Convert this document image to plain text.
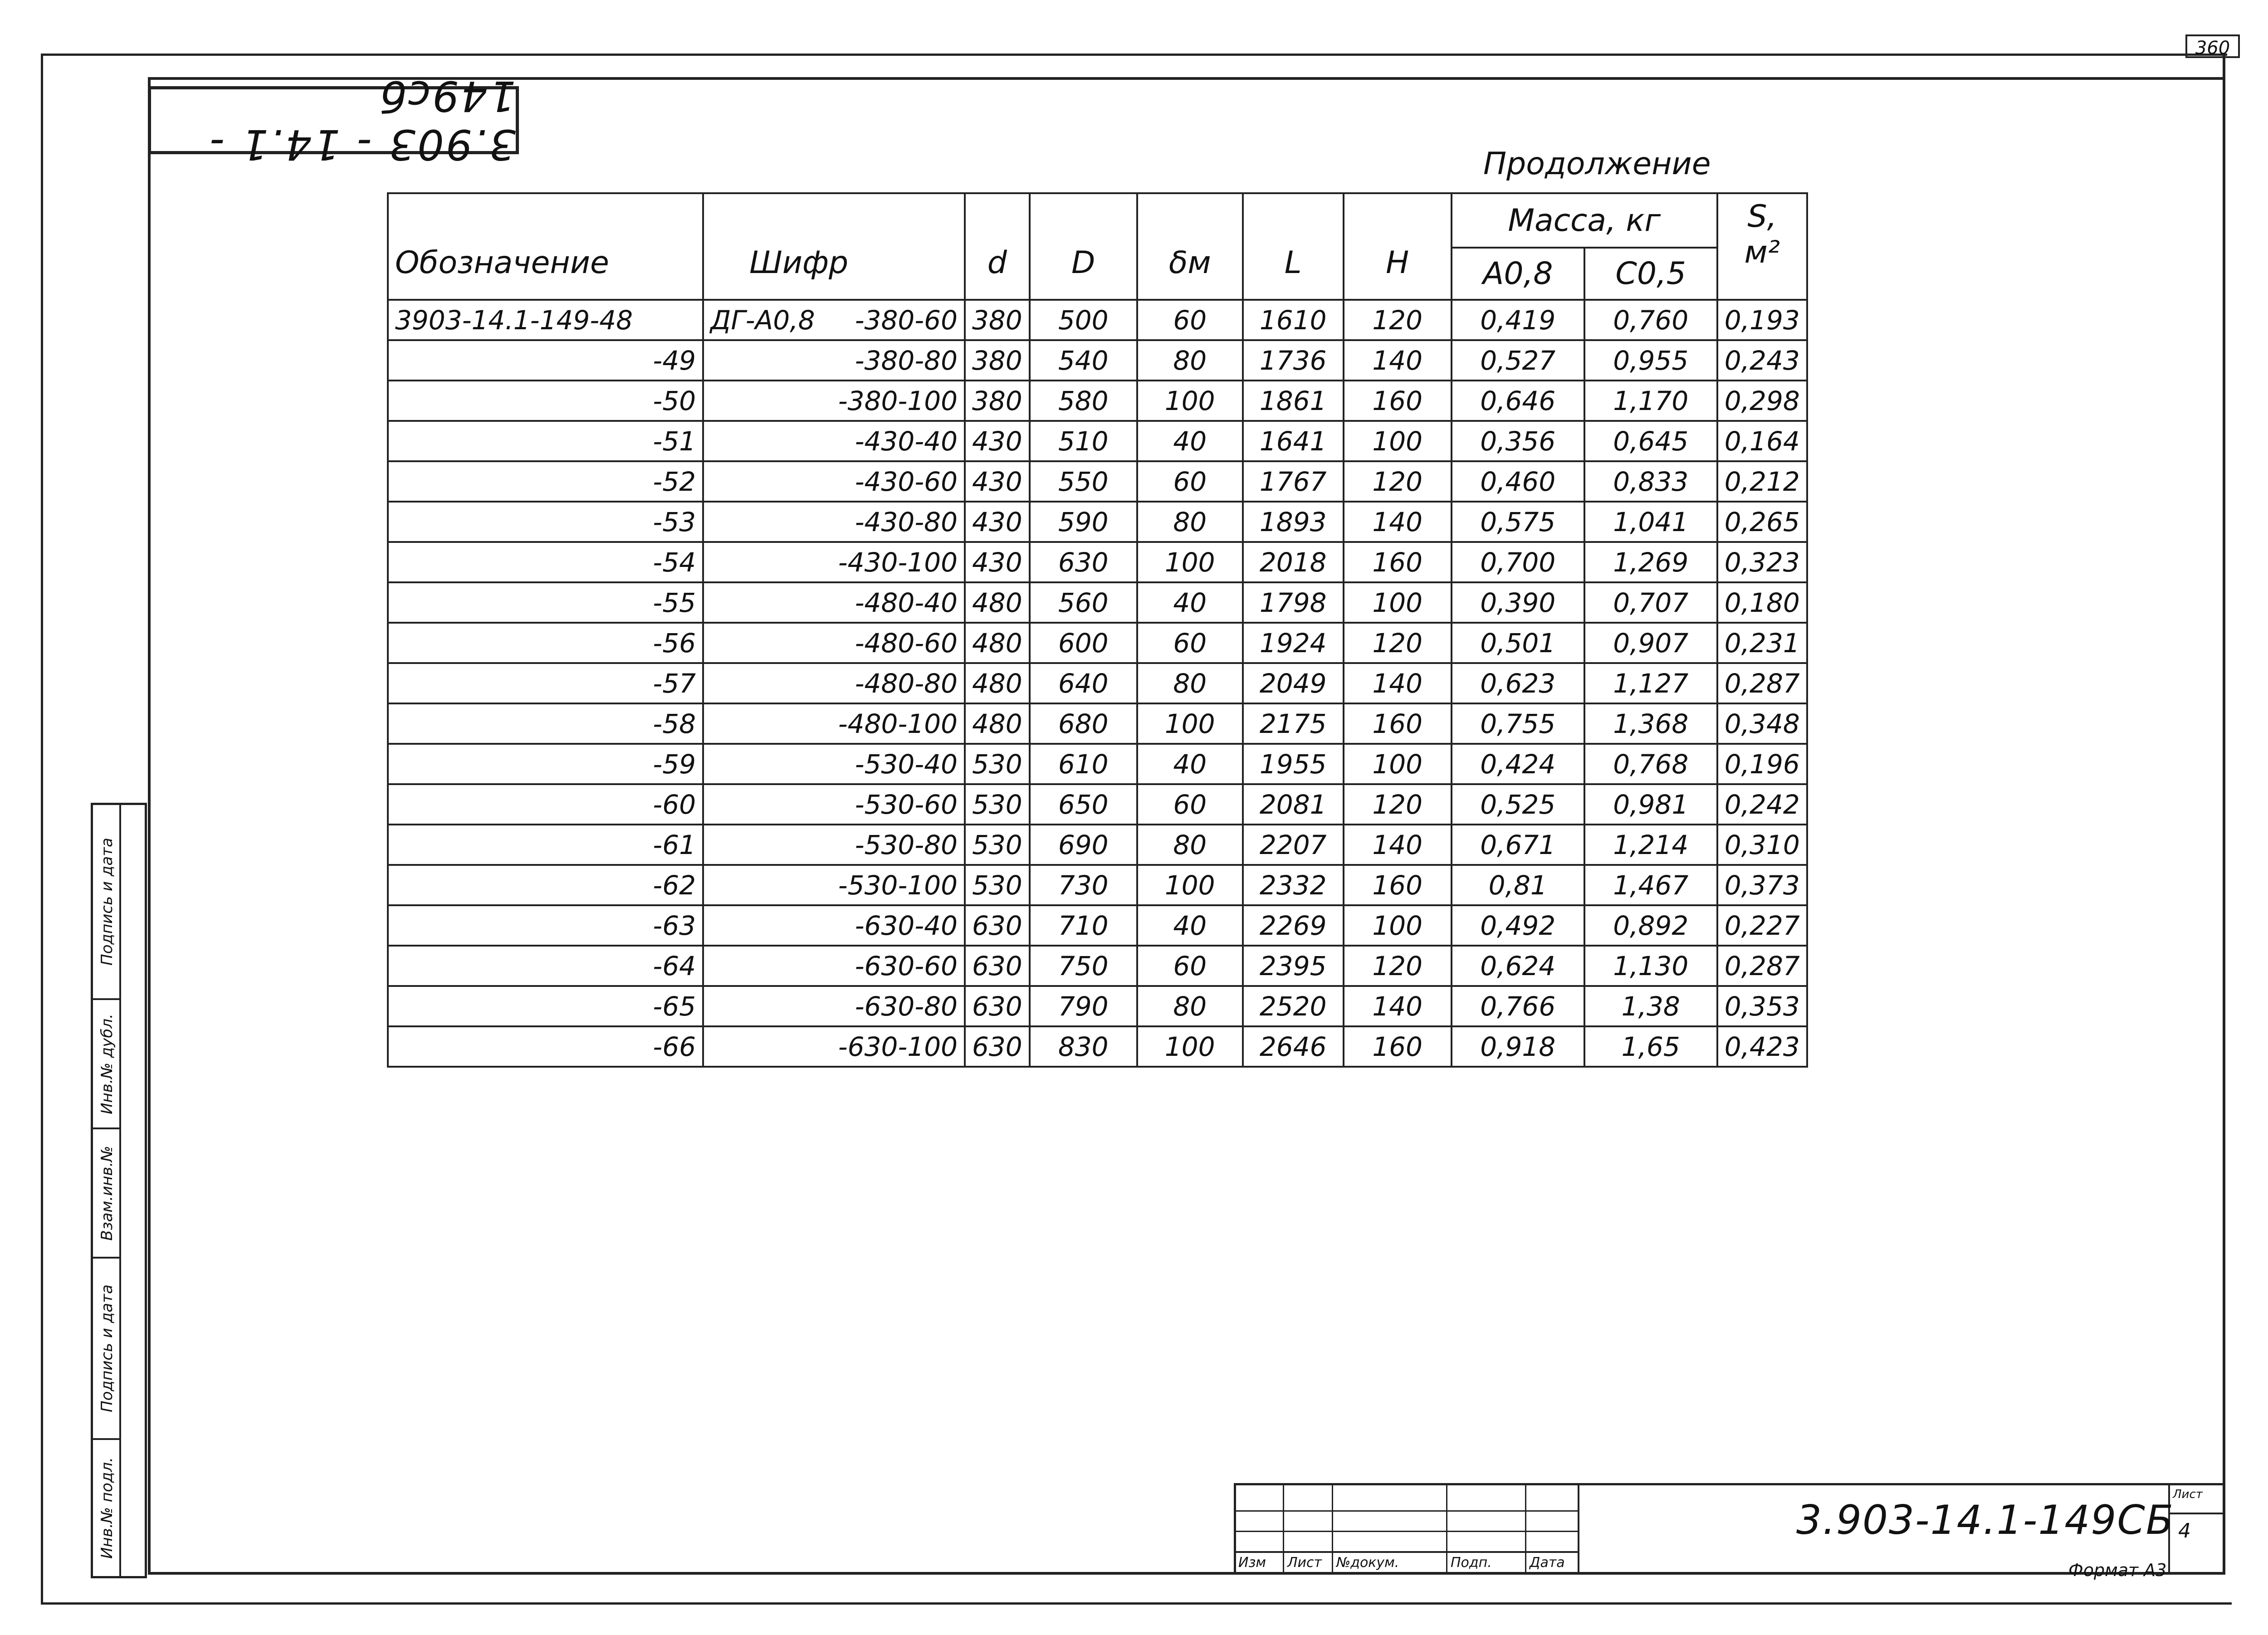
360
3.903 - 14.1 - 149сб
Продолжение
Обозначение	Шифр	d	D	δм	L	H	Масса, кг		S,
м²

							А0,8	С0,5	
3903-14.1-149-48	ДГ-А0,8 -380-60	380	500	60	1610	120	0,419	0,760	0,193
-49	-380-80	380	540	80	1736	140	0,527	0,955	0,243
-50	-380-100	380	580	100	1861	160	0,646	1,170	0,298
-51	-430-40	430	510	40	1641	100	0,356	0,645	0,164
-52	-430-60	430	550	60	1767	120	0,460	0,833	0,212
-53	-430-80	430	590	80	1893	140	0,575	1,041	0,265
-54	-430-100	430	630	100	2018	160	0,700	1,269	0,323
-55	-480-40	480	560	40	1798	100	0,390	0,707	0,180
-56	-480-60	480	600	60	1924	120	0,501	0,907	0,231
-57	-480-80	480	640	80	2049	140	0,623	1,127	0,287
-58	-480-100	480	680	100	2175	160	0,755	1,368	0,348
-59	-530-40	530	610	40	1955	100	0,424	0,768	0,196
-60	-530-60	530	650	60	2081	120	0,525	0,981	0,242
-61	-530-80	530	690	80	2207	140	0,671	1,214	0,310
-62	-530-100	530	730	100	2332	160	0,81	1,467	0,373
-63	-630-40	630	710	40	2269	100	0,492	0,892	0,227
-64	-630-60	630	750	60	2395	120	0,624	1,130	0,287
-65	-630-80	630	790	80	2520	140	0,766	1,38	0,353
-66	-630-100	630	830	100	2646	160	0,918	1,65	0,423
Подпись и дата
Инв.№ дубл.
Взам.инв.№
Подпись и дата
Инв.№ подл.
Изм Лист №докум.	Подп.	Дата
3.903-14.1-149СБ
Лист
4
Формат А3
